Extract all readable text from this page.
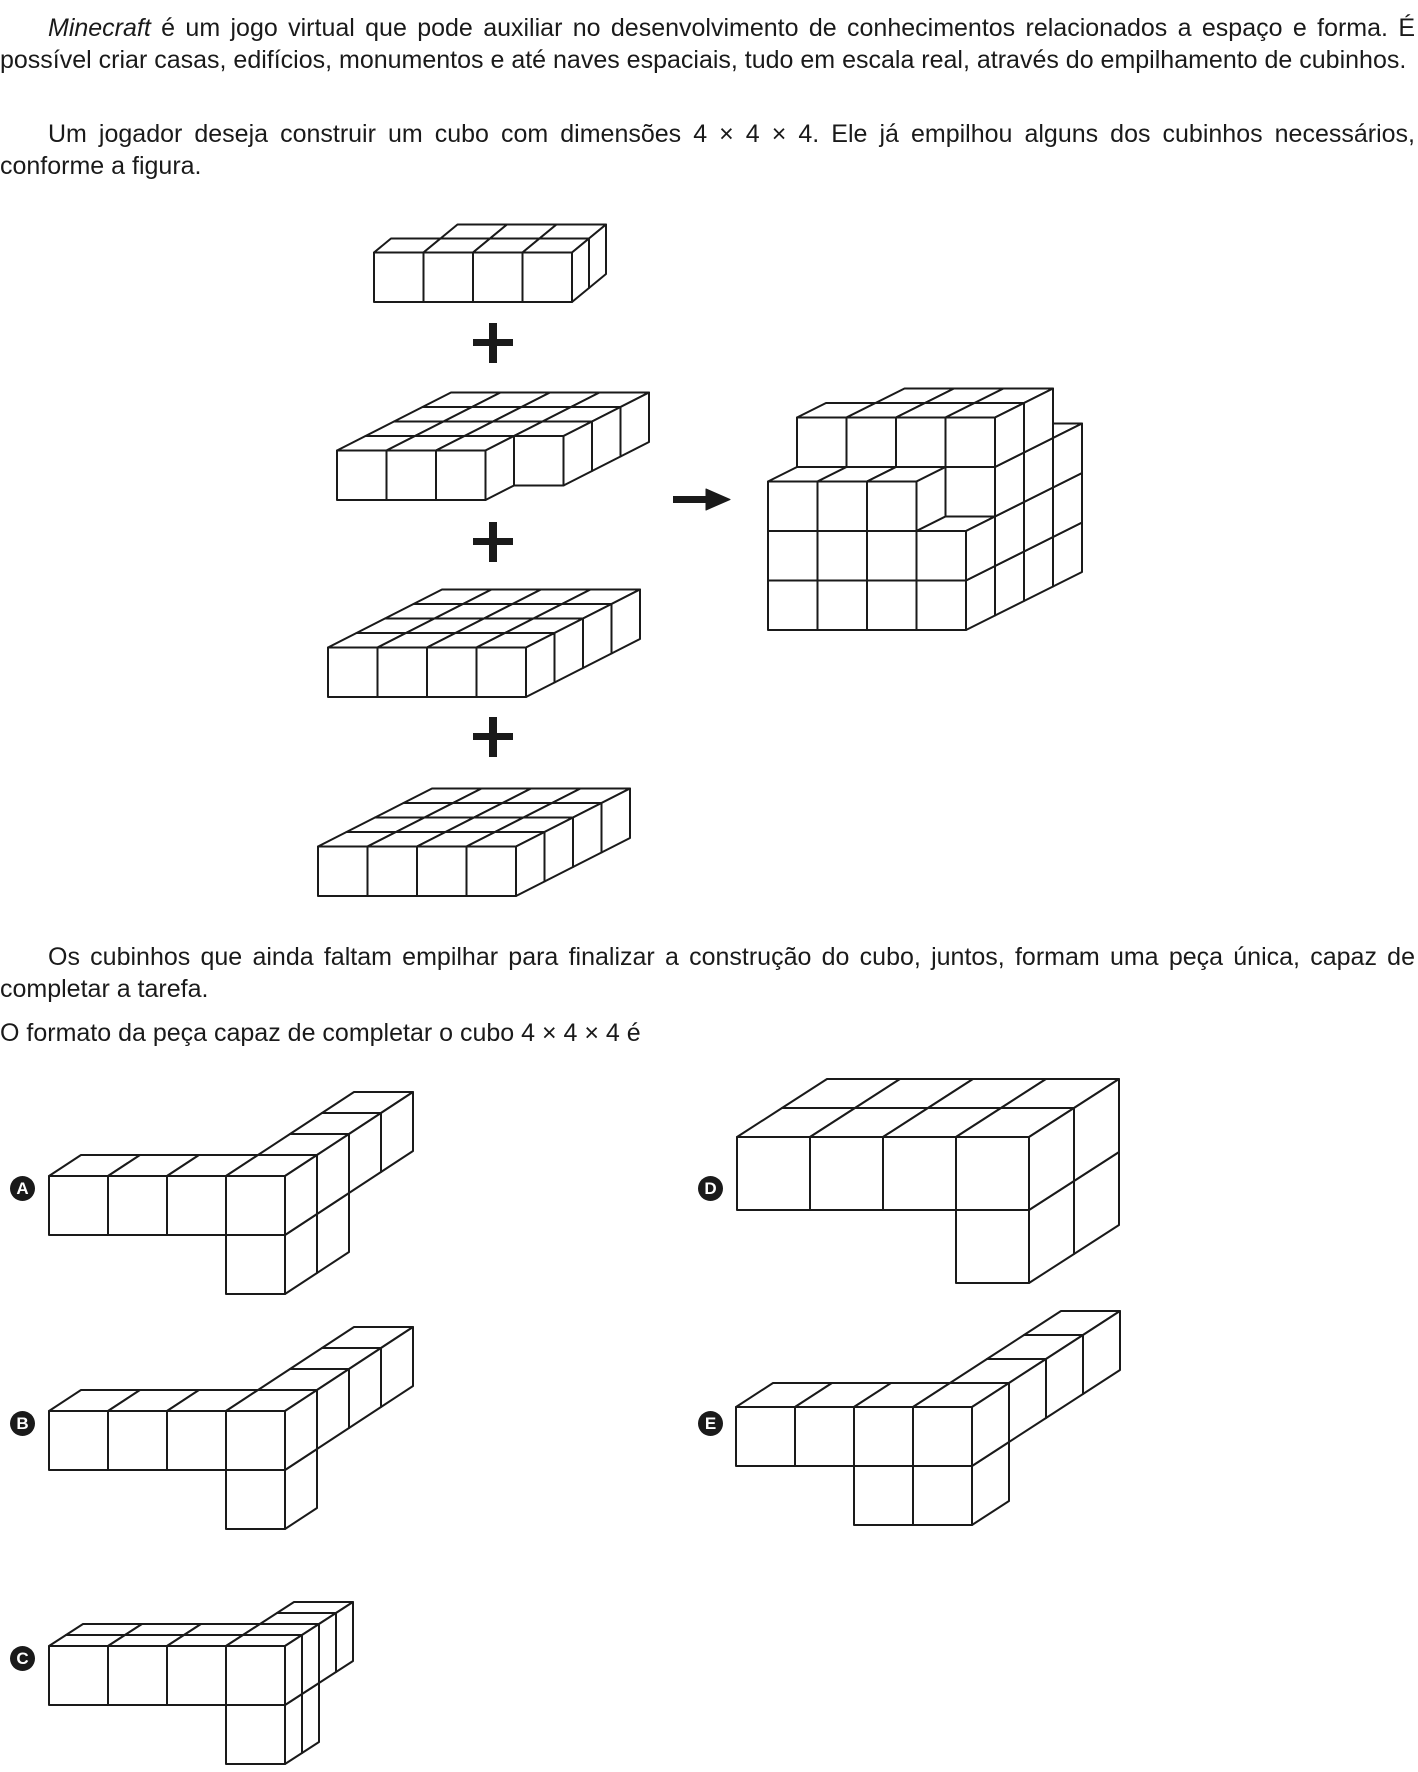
Minecraft é um jogo virtual que pode auxiliar no desenvolvimento de conhecimentos relacionados a espaço e forma. É possível criar casas, edifícios, monumentos e até naves espaciais, tudo em escala real, através do empilhamento de cubinhos.

Um jogador deseja construir um cubo com dimensões 4 × 4 × 4. Ele já empilhou alguns dos cubinhos necessários, conforme a figura.

Os cubinhos que ainda faltam empilhar para finalizar a construção do cubo, juntos, formam uma peça única, capaz de completar a tarefa.

O formato da peça capaz de completar o cubo 4 × 4 × 4 é

A
B
C
D
E
